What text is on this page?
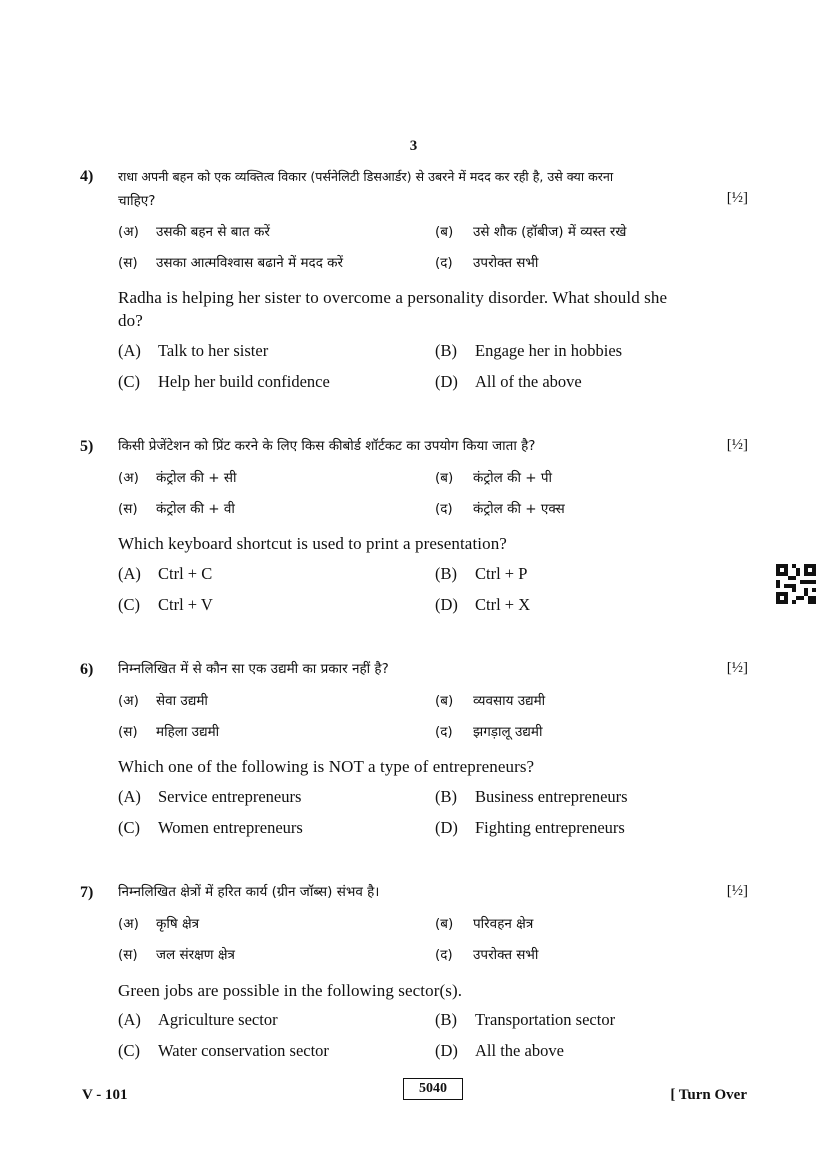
3
4) राधा अपनी बहन को एक व्यक्तित्व विकार (पर्सनेलिटी डिसआर्डर) से उबरने में मदद कर रही है, उसे क्या करना
चाहिए?	[½]
(अ) उसकी बहन से बात करें	(ब) उसे शौक (हॉबीज) में व्यस्त रखे
(स) उसका आत्मविश्वास बढाने में मदद करें	(द) उपरोक्त सभी
Radha is helping her sister to overcome a personality disorder. What should she
do?
(A) Talk to her sister	(B) Engage her in hobbies
(C) Help her build confidence	(D) All of the above
5) किसी प्रेजेंटेशन को प्रिंट करने के लिए किस कीबोर्ड शॉर्टकट का उपयोग किया जाता है?	[½]
(अ) कंट्रोल की + सी	(ब) कंट्रोल की + पी
(स) कंट्रोल की + वी	(द) कंट्रोल की + एक्स
Which keyboard shortcut is used to print a presentation?
(A) Ctrl + C	(B) Ctrl + P
(C) Ctrl + V	(D) Ctrl + X
6) निम्नलिखित में से कौन सा एक उद्यमी का प्रकार नहीं है?	[½]
(अ) सेवा उद्यमी	(ब) व्यवसाय उद्यमी
(स) महिला उद्यमी	(द) झगड़ालू उद्यमी
Which one of the following is NOT a type of entrepreneurs?
(A) Service entrepreneurs	(B) Business entrepreneurs
(C) Women entrepreneurs	(D) Fighting entrepreneurs
7) निम्नलिखित क्षेत्रों में हरित कार्य (ग्रीन जॉब्स) संभव है।	[½]
(अ) कृषि क्षेत्र	(ब) परिवहन क्षेत्र
(स) जल संरक्षण क्षेत्र	(द) उपरोक्त सभी
Green jobs are possible in the following sector(s).
(A) Agriculture sector	(B) Transportation sector
(C) Water conservation sector	(D) All the above
V - 101	5040	[ Turn Over
